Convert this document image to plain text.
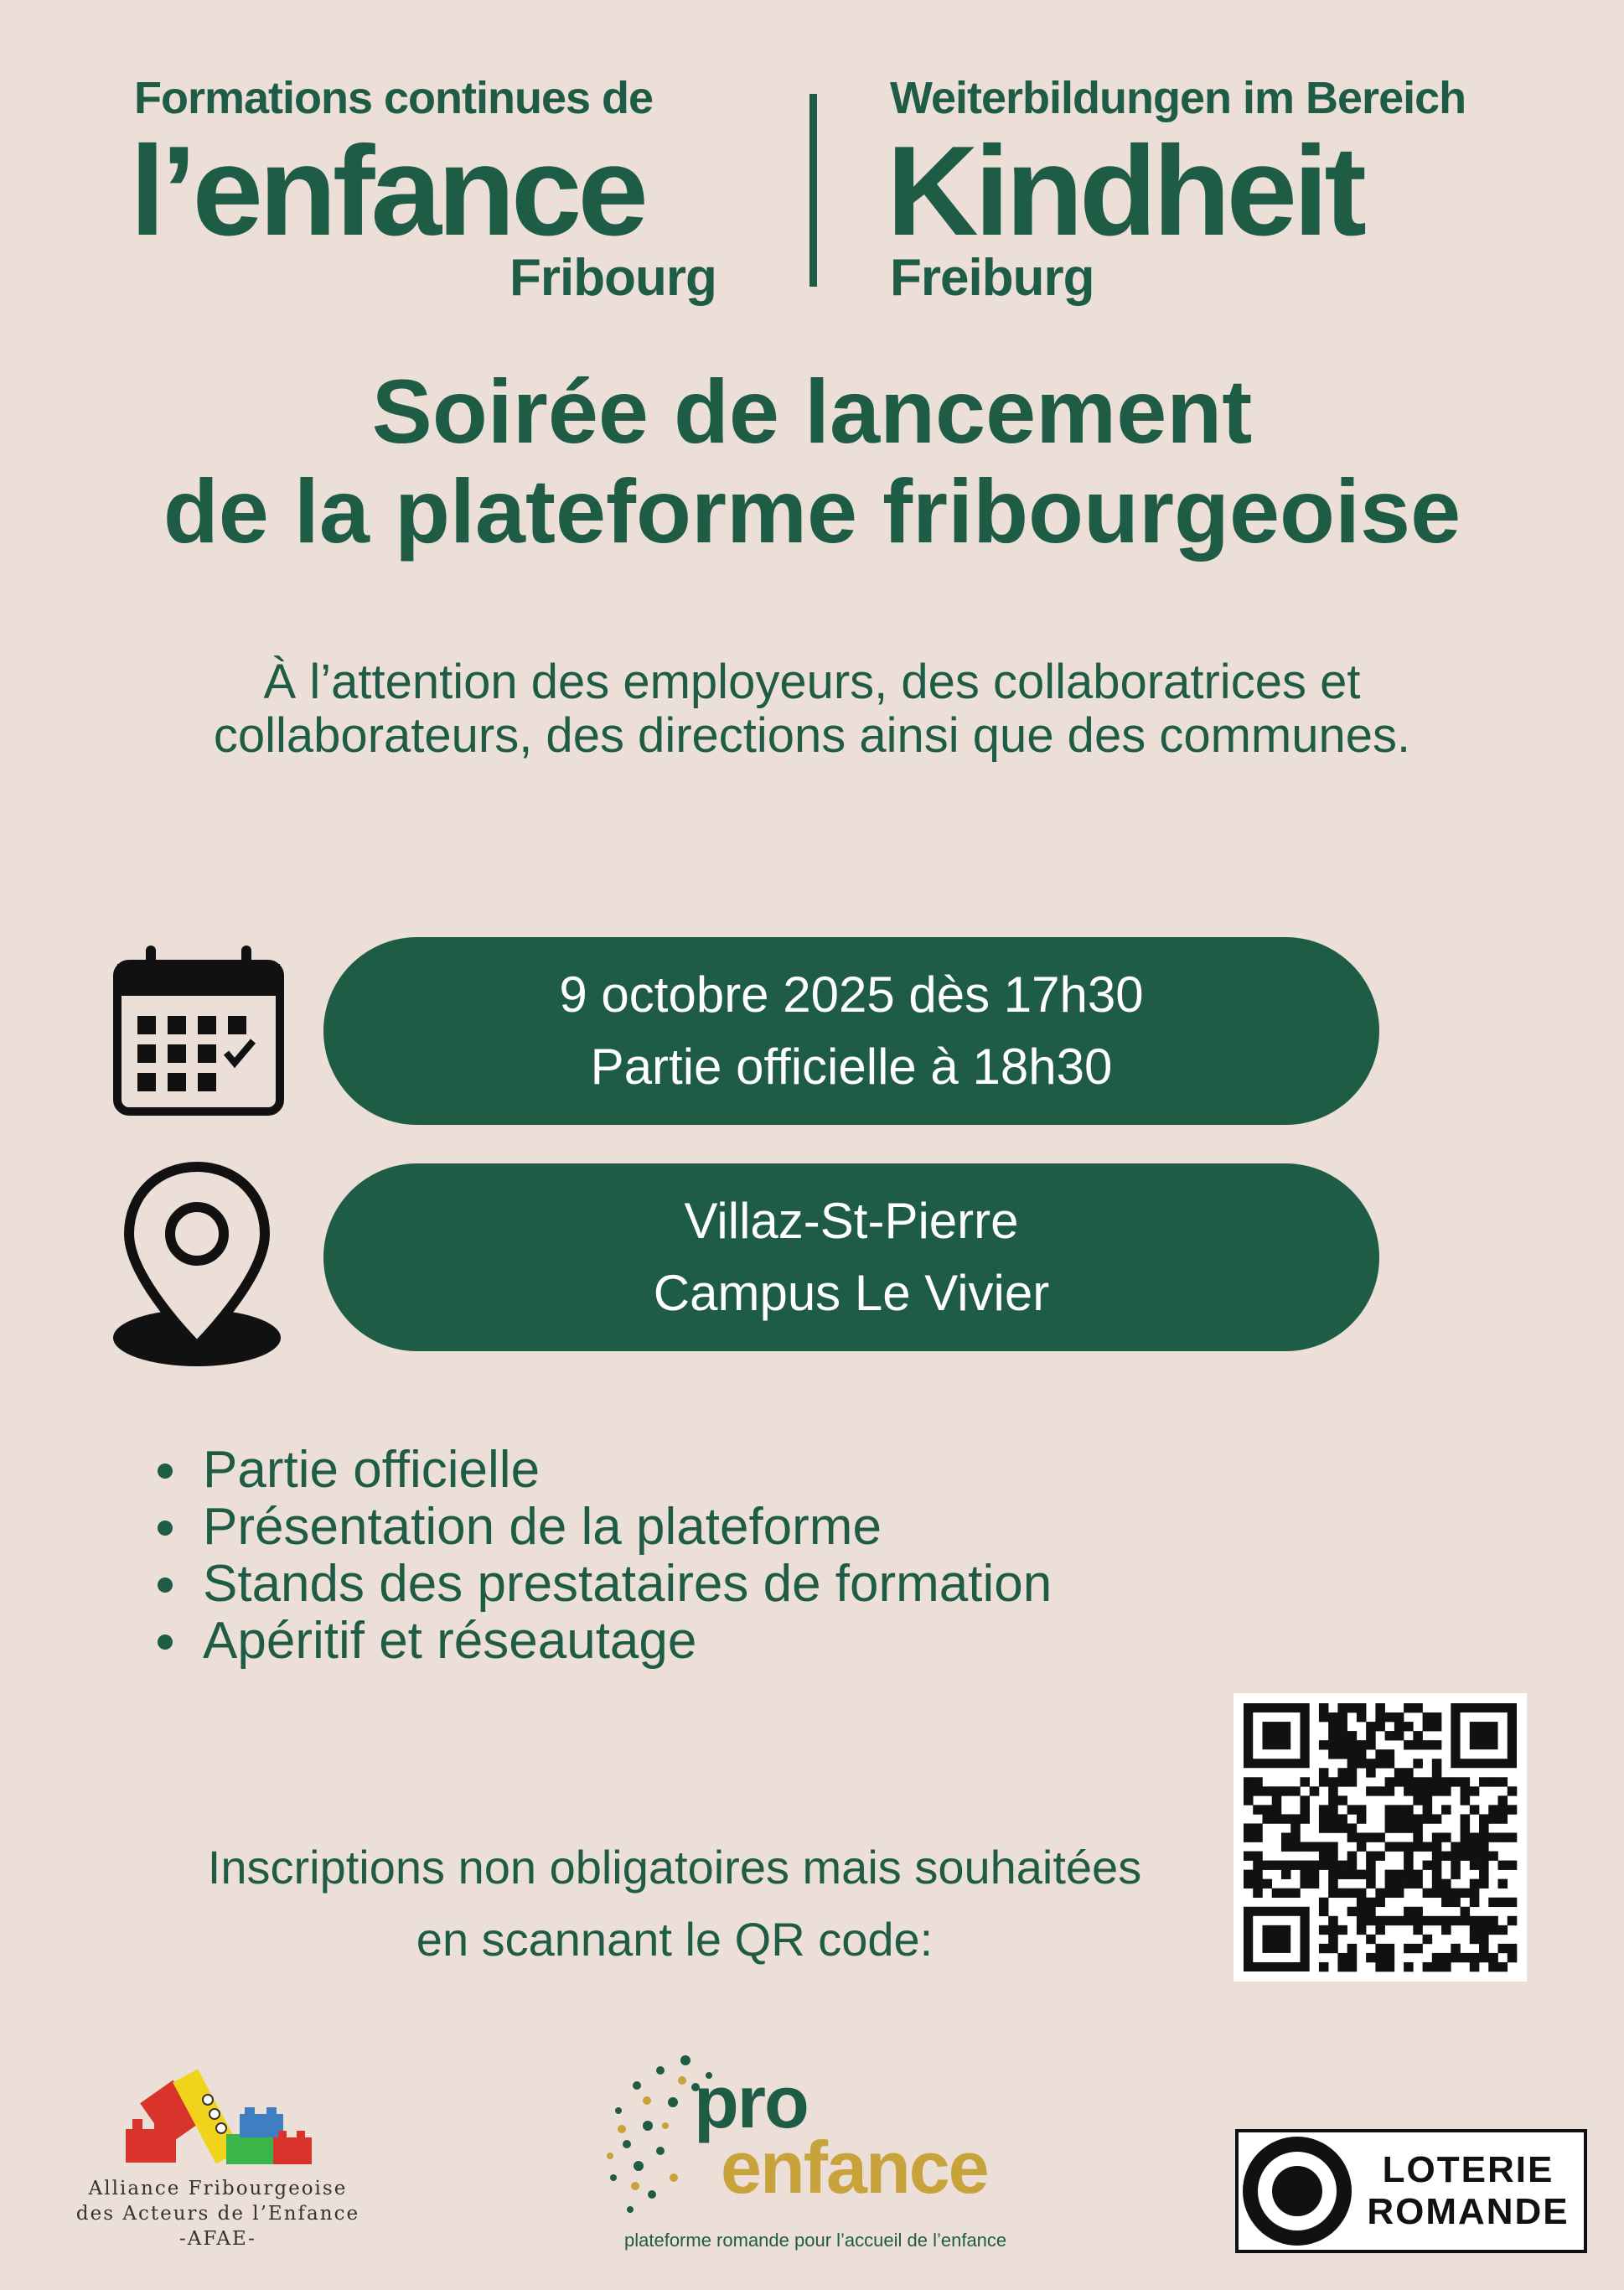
Formations continues de
l’enfance
Fribourg
Weiterbildungen im Bereich
Kindheit
Freiburg
Soirée de lancement
de la plateforme fribourgeoise
À l’attention des employeurs, des collaboratrices et collaborateurs, des directions ainsi que des communes.
9 octobre 2025 dès 17h30
Partie officielle à 18h30
Villaz-St-Pierre
Campus Le Vivier
Partie officielle
Présentation de la plateforme
Stands des prestataires de formation
Apéritif et réseautage
Inscriptions non obligatoires mais souhaitées
en scannant le QR code:
Alliance Fribourgeoise
des Acteurs de l’Enfance
-AFAE-
pro
enfance
plateforme romande pour l’accueil de l’enfance
LOTERIE
ROMANDE
